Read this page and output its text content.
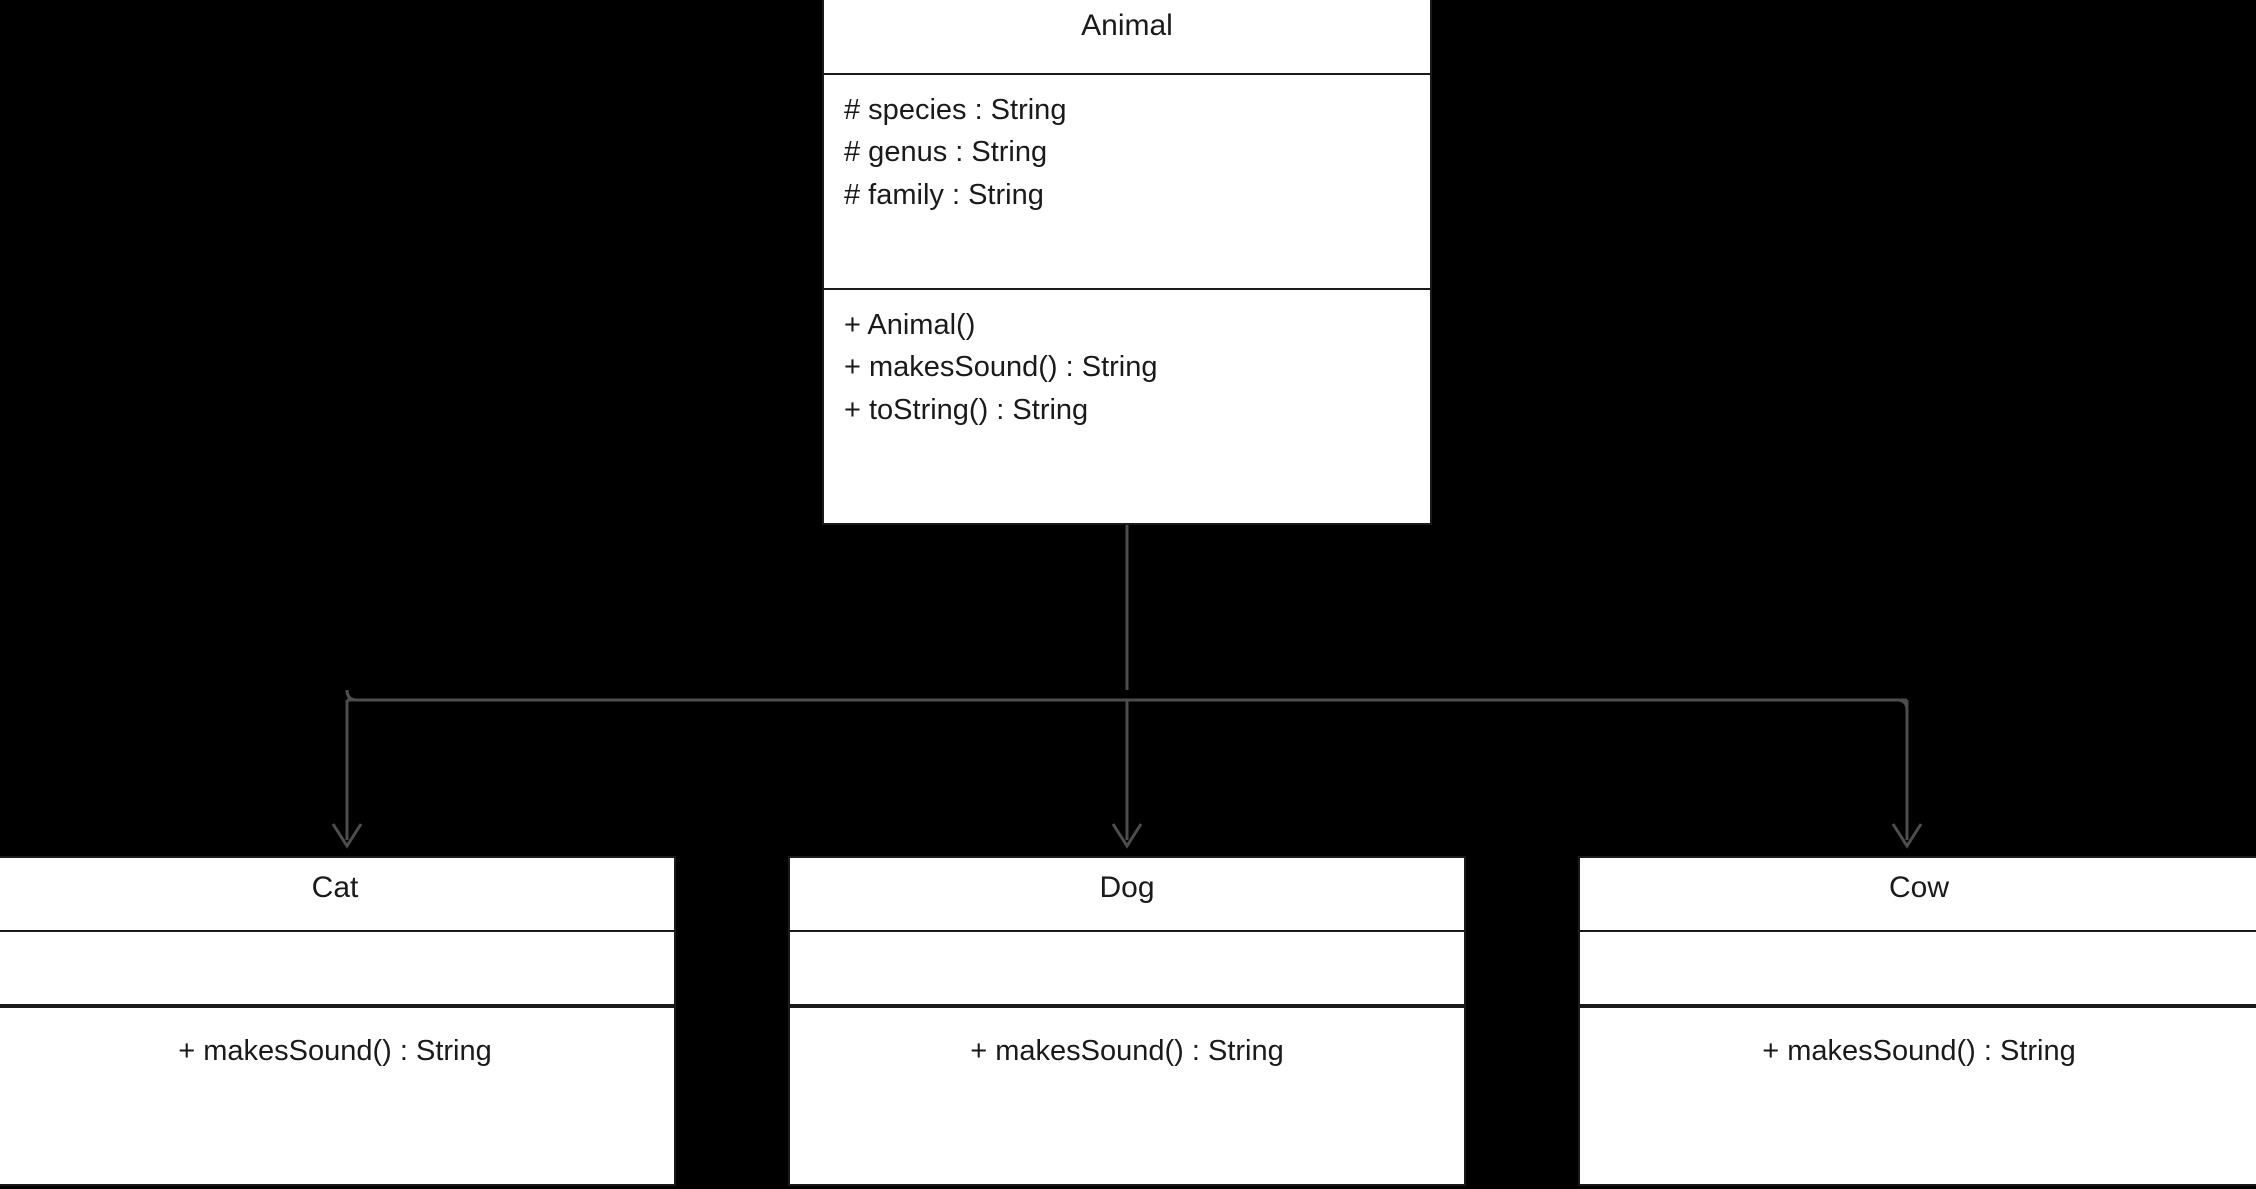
Animal
# species : String
# genus : String
# family : String
+ Animal()
+ makesSound() : String
+ toString() : String
Cat
+ makesSound() : String
Dog
+ makesSound() : String
Cow
+ makesSound() : String
